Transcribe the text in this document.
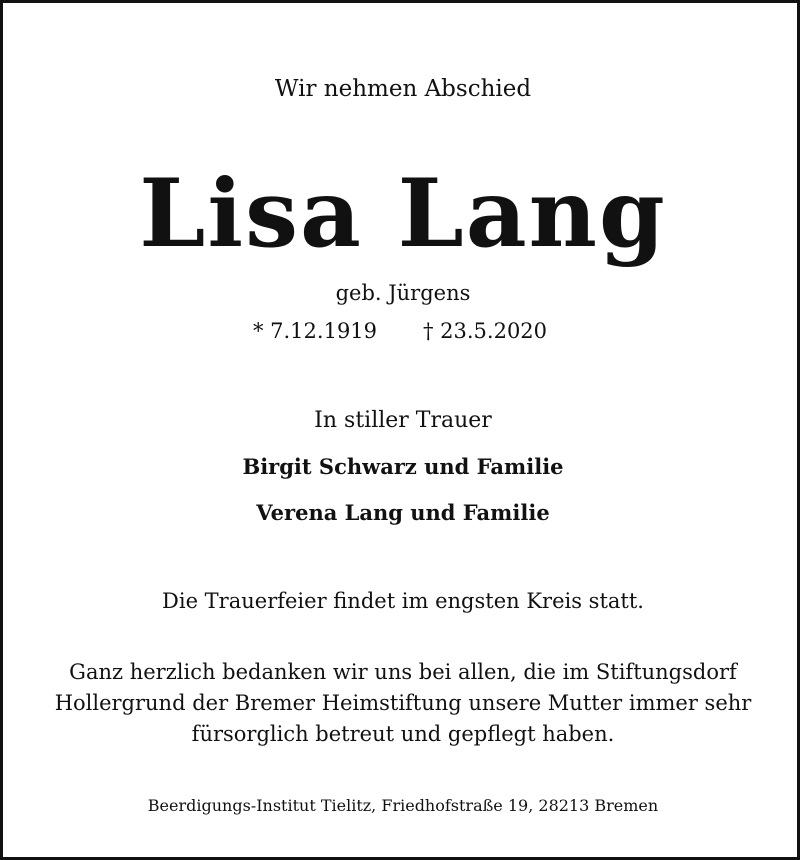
Wir nehmen Abschied
Lisa Lang
geb. Jürgens
* 7.12.1919	† 23.5.2020
In stiller Trauer
Birgit Schwarz und Familie
Verena Lang und Familie
Die Trauerfeier findet im engsten Kreis statt.
Ganz herzlich bedanken wir uns bei allen, die im Stiftungsdorf
Hollergrund der Bremer Heimstiftung unsere Mutter immer sehr
fürsorglich betreut und gepflegt haben.
Beerdigungs-Institut Tielitz, Friedhofstraße 19, 28213 Bremen
